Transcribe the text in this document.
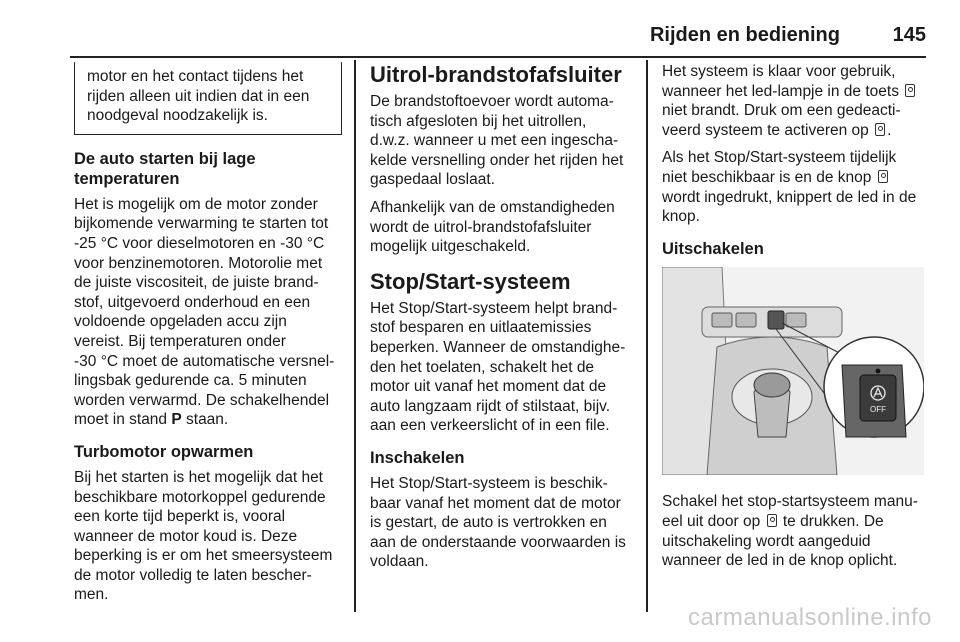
Rijden en bediening	145
motor en het contact tijdens het
rijden alleen uit indien dat in een
noodgeval noodzakelijk is.
De auto starten bij lage
temperaturen

Het is mogelijk om de motor zonder
bijkomende verwarming te starten tot
-25 °C voor dieselmotoren en -30 °C
voor benzinemotoren. Motorolie met
de juiste viscositeit, de juiste brand-
stof, uitgevoerd onderhoud en een
voldoende opgeladen accu zijn
vereist. Bij temperaturen onder
-30 °C moet de automatische versnel-
lingsbak gedurende ca. 5 minuten
worden verwarmd. De schakelhendel
moet in stand P staan.

Turbomotor opwarmen

Bij het starten is het mogelijk dat het
beschikbare motorkoppel gedurende
een korte tijd beperkt is, vooral
wanneer de motor koud is. Deze
beperking is er om het smeersysteem
de motor volledig te laten bescher-
men.

Uitrol-brandstofafsluiter

De brandstoftoevoer wordt automa-
tisch afgesloten bij het uitrollen,
d.w.z. wanneer u met een ingescha-
kelde versnelling onder het rijden het
gaspedaal loslaat.

Afhankelijk van de omstandigheden
wordt de uitrol-brandstofafsluiter
mogelijk uitgeschakeld.

Stop/Start-systeem

Het Stop/Start-systeem helpt brand-
stof besparen en uitlaatemissies
beperken. Wanneer de omstandighe-
den het toelaten, schakelt het de
motor uit vanaf het moment dat de
auto langzaam rijdt of stilstaat, bijv.
aan een verkeerslicht of in een file.

Inschakelen

Het Stop/Start-systeem is beschik-
baar vanaf het moment dat de motor
is gestart, de auto is vertrokken en
aan de onderstaande voorwaarden is
voldaan.

Het systeem is klaar voor gebruik,
wanneer het led-lampje in de toets
niet brandt. Druk om een gedeacti-
veerd systeem te activeren op .

Als het Stop/Start-systeem tijdelijk
niet beschikbaar is en de knop
wordt ingedrukt, knippert de led in de
knop.

Uitschakelen
OFF

Schakel het stop-startsysteem manu-
eel uit door op te drukken. De
uitschakeling wordt aangeduid
wanneer de led in de knop oplicht.

carmanualsonline.info
